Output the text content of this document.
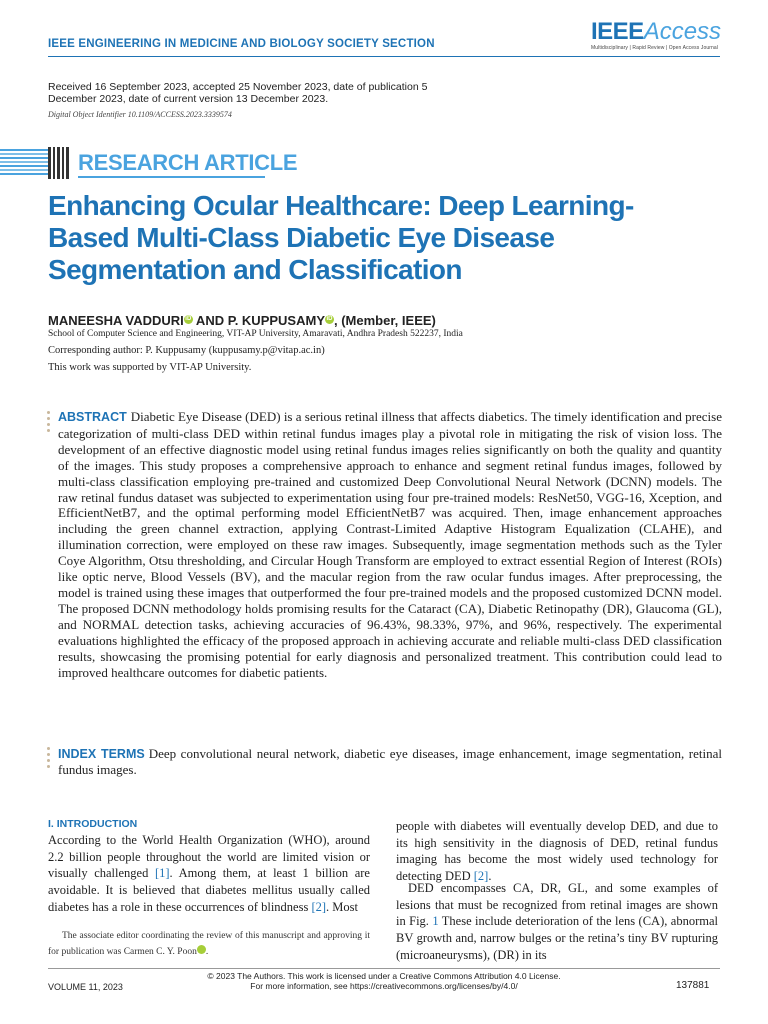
IEEE ENGINEERING IN MEDICINE AND BIOLOGY SOCIETY SECTION	IEEEAccess
Multidisciplinary | Rapid Review | Open Access Journal
Received 16 September 2023, accepted 25 November 2023, date of publication 5 December 2023, date of current version 13 December 2023.
Digital Object Identifier 10.1109/ACCESS.2023.3339574
RESEARCH ARTICLE
Enhancing Ocular Healthcare: Deep Learning-Based Multi-Class Diabetic Eye Disease Segmentation and Classification
MANEESHA VADDURI iD AND P. KUPPUSAMY iD , (Member, IEEE)
School of Computer Science and Engineering, VIT-AP University, Amaravati, Andhra Pradesh 522237, India
Corresponding author: P. Kuppusamy (kuppusamy.p@vitap.ac.in)
This work was supported by VIT-AP University.
ABSTRACT Diabetic Eye Disease (DED) is a serious retinal illness that affects diabetics. The timely identification and precise categorization of multi-class DED within retinal fundus images play a pivotal role in mitigating the risk of vision loss. The development of an effective diagnostic model using retinal fundus images relies significantly on both the quality and quantity of the images. This study proposes a comprehensive approach to enhance and segment retinal fundus images, followed by multi-class classification employing pre-trained and customized Deep Convolutional Neural Network (DCNN) models. The raw retinal fundus dataset was subjected to experimentation using four pre-trained models: ResNet50, VGG-16, Xception, and EfficientNetB7, and the optimal performing model EfficientNetB7 was acquired. Then, image enhancement approaches including the green channel extraction, applying Contrast-Limited Adaptive Histogram Equalization (CLAHE), and illumination correction, were employed on these raw images. Subsequently, image segmentation methods such as the Tyler Coye Algorithm, Otsu thresholding, and Circular Hough Transform are employed to extract essential Region of Interest (ROIs) like optic nerve, Blood Vessels (BV), and the macular region from the raw ocular fundus images. After preprocessing, the model is trained using these images that outperformed the four pre-trained models and the proposed customized DCNN model. The proposed DCNN methodology holds promising results for the Cataract (CA), Diabetic Retinopathy (DR), Glaucoma (GL), and NORMAL detection tasks, achieving accuracies of 96.43%, 98.33%, 97%, and 96%, respectively. The experimental evaluations highlighted the efficacy of the proposed approach in achieving accurate and reliable multi-class DED classification results, showcasing the promising potential for early diagnosis and personalized treatment. This contribution could lead to improved healthcare outcomes for diabetic patients.
INDEX TERMS Deep convolutional neural network, diabetic eye diseases, image enhancement, image segmentation, retinal fundus images.
I. INTRODUCTION
According to the World Health Organization (WHO), around 2.2 billion people throughout the world are limited vision or visually challenged [1]. Among them, at least 1 billion are avoidable. It is believed that diabetes mellitus usually called diabetes has a role in these occurrences of blindness [2]. Most
The associate editor coordinating the review of this manuscript and approving it for publication was Carmen C. Y. Poon iD.
people with diabetes will eventually develop DED, and due to its high sensitivity in the diagnosis of DED, retinal fundus imaging has become the most widely used technology for detecting DED [2].
DED encompasses CA, DR, GL, and some examples of lesions that must be recognized from retinal images are shown in Fig. 1 These include deterioration of the lens (CA), abnormal BV growth and, narrow bulges or the retina’s tiny BV rupturing (microaneurysms), (DR) in its
© 2023 The Authors. This work is licensed under a Creative Commons Attribution 4.0 License.
For more information, see https://creativecommons.org/licenses/by/4.0/
VOLUME 11, 2023	137881
